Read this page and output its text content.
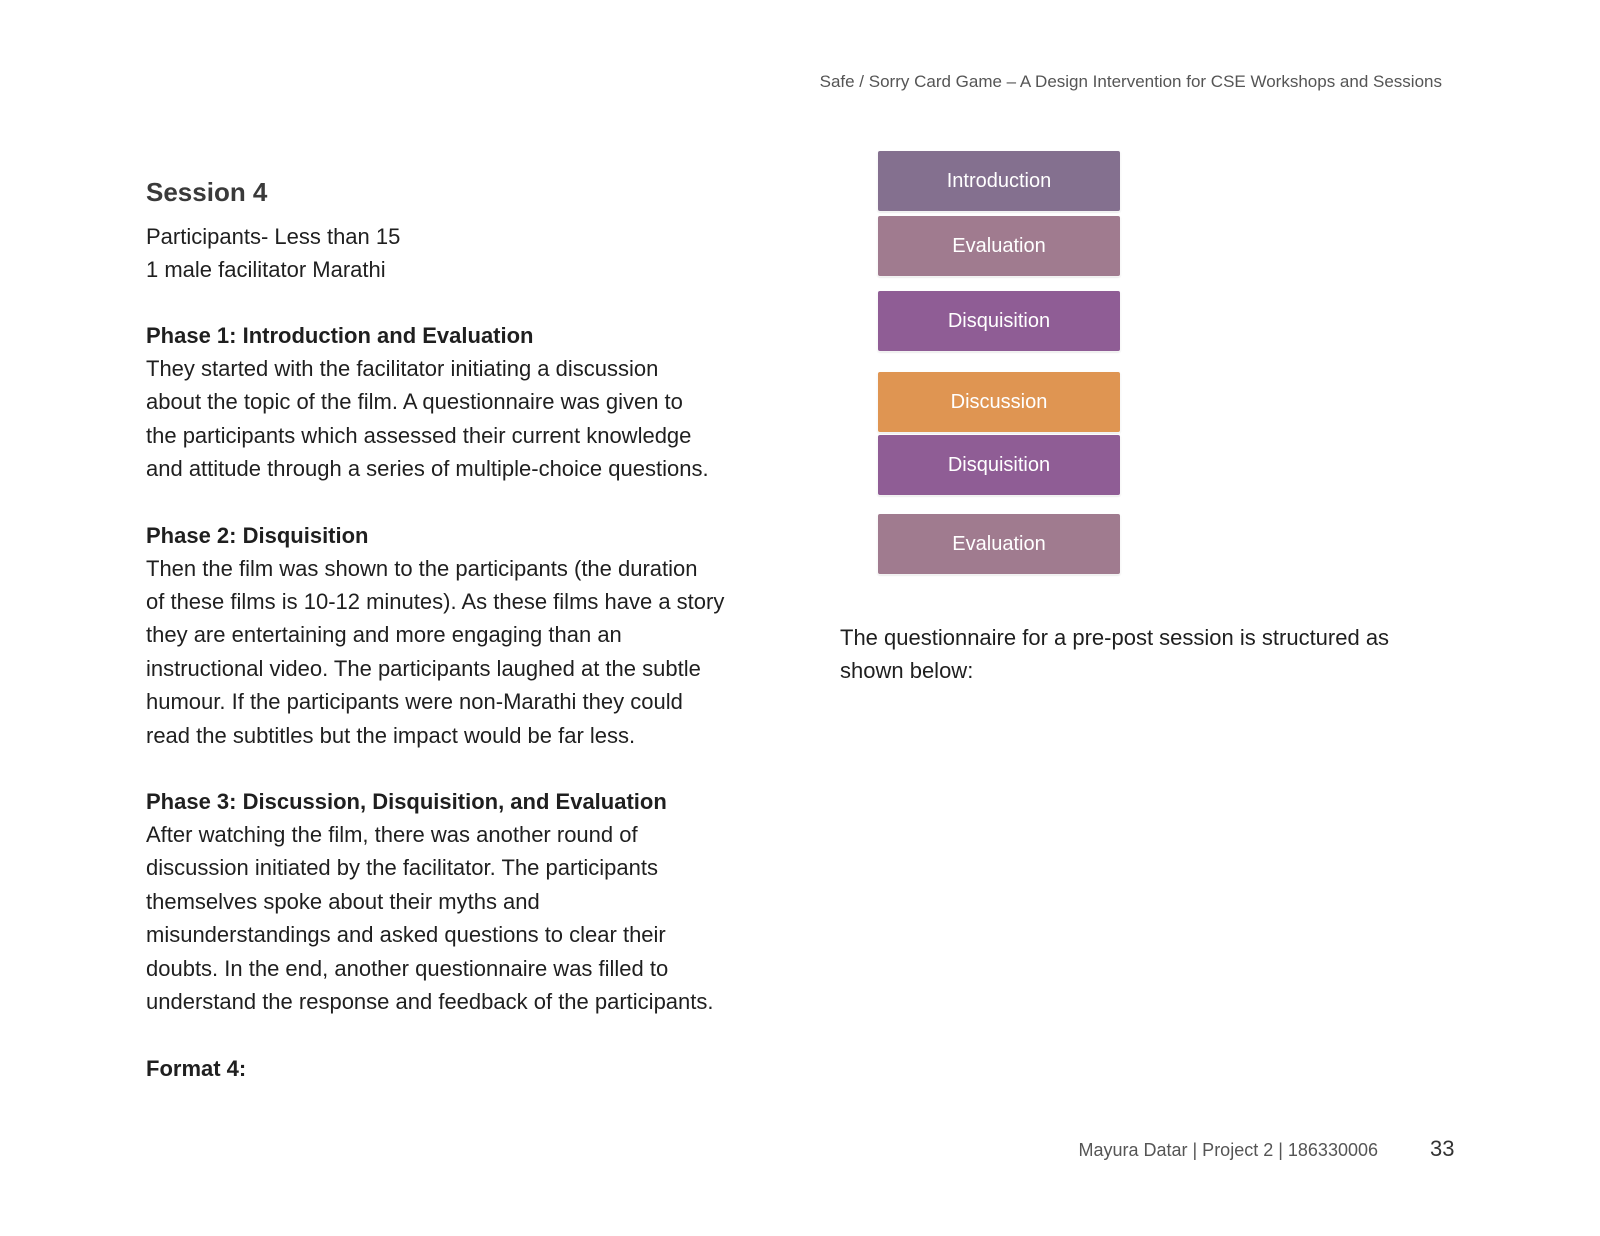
Safe / Sorry Card Game – A Design Intervention for CSE Workshops and Sessions
Session 4

Participants- Less than 15

1 male facilitator Marathi

Phase 1: Introduction and Evaluation

They started with the facilitator initiating a discussion

about the topic of the film. A questionnaire was given to

the participants which assessed their current knowledge

and attitude through a series of multiple-choice questions.

Phase 2: Disquisition

Then the film was shown to the participants (the duration

of these films is 10-12 minutes). As these films have a story

they are entertaining and more engaging than an

instructional video. The participants laughed at the subtle

humour. If the participants were non-Marathi they could

read the subtitles but the impact would be far less.

Phase 3: Discussion, Disquisition, and Evaluation

After watching the film, there was another round of

discussion initiated by the facilitator. The participants

themselves spoke about their myths and

misunderstandings and asked questions to clear their

doubts. In the end, another questionnaire was filled to

understand the response and feedback of the participants.

Format 4:

Introduction
Evaluation
Disquisition
Discussion
Disquisition
Evaluation

The questionnaire for a pre-post session is structured as

shown below:

Mayura Datar | Project 2 | 186330006 33
